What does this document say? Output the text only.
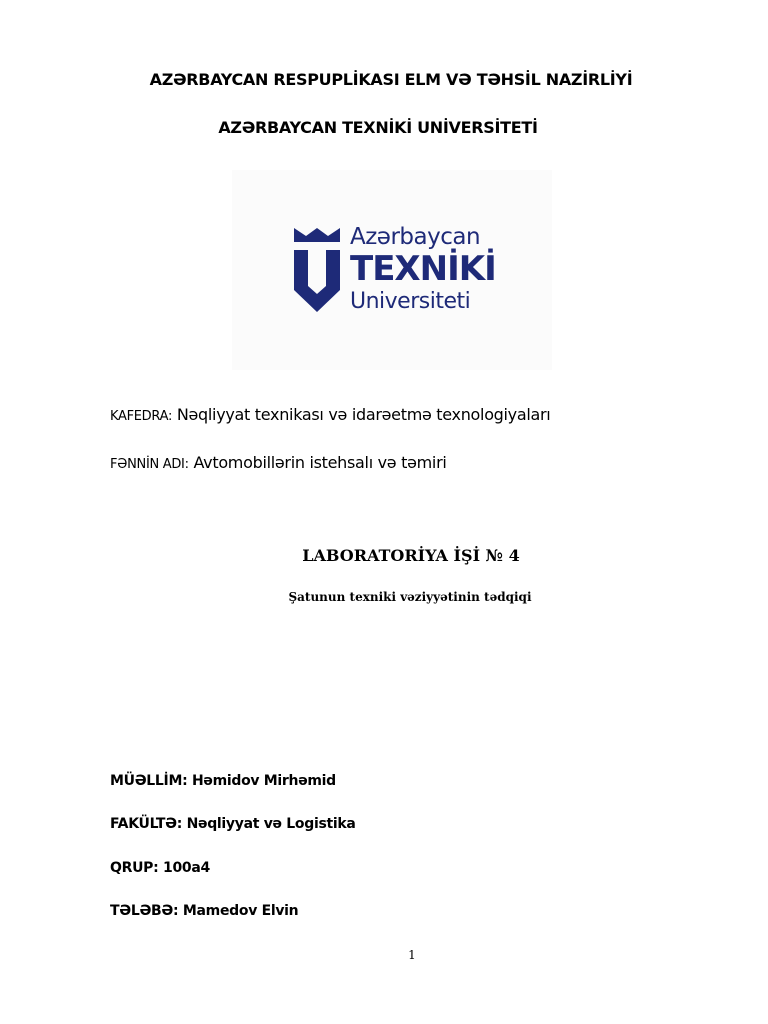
AZƏRBAYCAN RESPUPLİKASI ELM VƏ TƏHSİL NAZİRLİYİ
AZƏRBAYCAN TEXNİKİ UNİVERSİTETİ
Azərbaycan
TEXNİKİ
Universiteti
KAFEDRA: Nəqliyyat texnikası və idarəetmə texnologiyaları
FƏNNİN ADI: Avtomobillərin istehsalı və təmiri
LABORATORİYA İŞİ № 4
Şatunun texniki vəziyyətinin tədqiqi
MÜƏLLİM: Həmidov Mirhəmid
FAKÜLTƏ: Nəqliyyat və Logistika
QRUP: 100a4
TƏLƏBƏ: Mamedov Elvin
1
